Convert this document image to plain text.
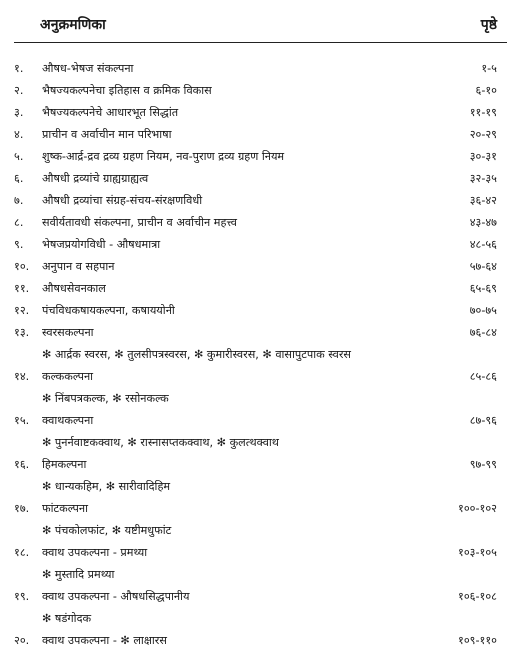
अनुक्रमणिका	पृष्ठे
१.	औषध-भेषज संकल्पना	१-५
२.	भैषज्यकल्पनेचा इतिहास व क्रमिक विकास	६-१०
३.	भैषज्यकल्पनेचे आधारभूत सिद्धांत	११-१९
४.	प्राचीन व अर्वाचीन मान परिभाषा	२०-२९
५.	शुष्क-आर्द्र-द्रव द्रव्य ग्रहण नियम, नव-पुराण द्रव्य ग्रहण नियम	३०-३१
६.	औषधी द्रव्यांचे ग्राह्यग्राह्यत्व	३२-३५
७.	औषधी द्रव्यांचा संग्रह-संचय-संरक्षणविधी	३६-४२
८.	सवीर्यतावधी संकल्पना, प्राचीन व अर्वाचीन महत्त्व	४३-४७
९.	भेषजप्रयोगविधी - औषधमात्रा	४८-५६
१०.	अनुपान व सहपान	५७-६४
११.	औषधसेवनकाल	६५-६९
१२.	पंचविधकषायकल्पना, कषाययोनी	७०-७५
१३.	स्वरसकल्पना	७६-८४
✻ आर्द्रक स्वरस, ✻ तुलसीपत्रस्वरस, ✻ कुमारीस्वरस, ✻ वासापुटपाक स्वरस
१४.	कल्ककल्पना	८५-८६
✻ निंबपत्रकल्क, ✻ रसोनकल्क
१५.	क्वाथकल्पना	८७-९६
✻ पुनर्नवाष्टकक्वाथ, ✻ रास्नासप्तकक्वाथ, ✻ कुलत्थक्वाथ
१६.	हिमकल्पना	९७-९९
✻ धान्यकहिम, ✻ सारीवादिहिम
१७.	फांटकल्पना	१००-१०२
✻ पंचकोलफांट, ✻ यष्टीमधुफांट
१८.	क्वाथ उपकल्पना - प्रमथ्या	१०३-१०५
✻ मुस्तादि प्रमथ्या
१९.	क्वाथ उपकल्पना - औषधसिद्धपानीय	१०६-१०८
✻ षडंगोदक
२०.	क्वाथ उपकल्पना - ✻ लाक्षारस	१०९-११०
